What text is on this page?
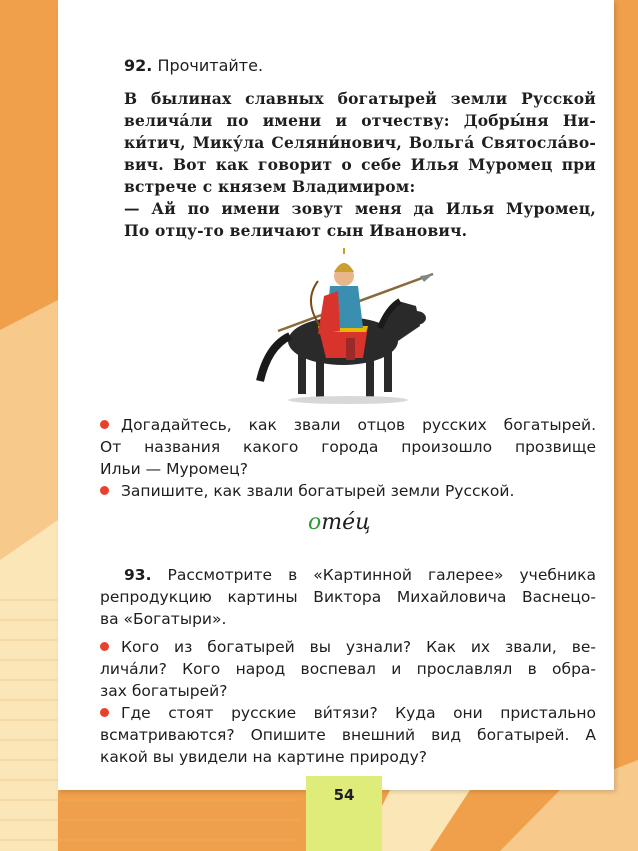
92. Прочитайте.
В былинах славных богатырей земли Русской
величáли по имени и отчеству: Добры́ня Ни-
ки́тич, Мику́ла Селяни́нович, Вольгá Святослáво-
вич. Вот как говорит о себе Илья Муромец при
встрече с князем Владимиром:
— Ай по имени зовут меня да Илья Муромец,
По отцу-то величают сын Иванович.
Догадайтесь, как звали отцов русских богатырей.
От названия какого города произошло прозвище
Ильи — Муромец?
Запишите, как звали богатырей земли Русской.
отéц
93. Рассмотрите в «Картинной галерее» учебника
репродукцию картины Виктора Михайловича Васнецо-
ва «Богатыри».
Кого из богатырей вы узнали? Как их звали, ве-
личáли? Кого народ воспевал и прославлял в обра-
зах богатырей?
Где стоят русские ви́тязи? Куда они пристально
всматриваются? Опишите внешний вид богатырей. А
какой вы увидели на картине природу?
54
